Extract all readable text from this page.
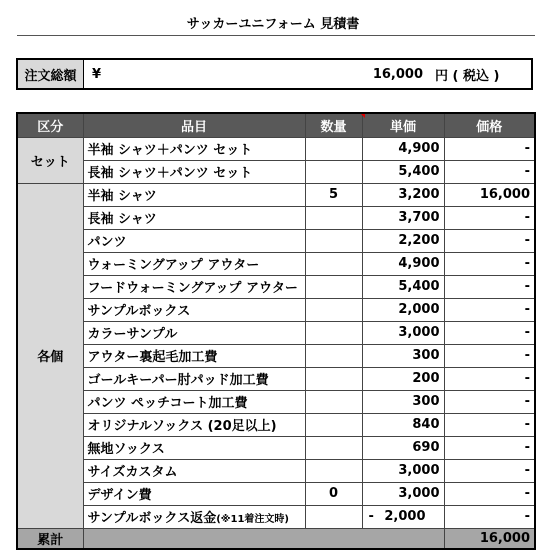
サッカーユニフォーム 見積書
注文総額	¥	16,000 円 ( 税込 )
区分	品目	数量	単価	価格
セット	半袖 シャツ＋パンツ セット		4,900	-
	長袖 シャツ＋パンツ セット		5,400	-
各個	半袖 シャツ	5	3,200	16,000
	長袖 シャツ		3,700	-
	パンツ		2,200	-
	ウォーミングアップ アウター		4,900	-
	フードウォーミングアップ アウター		5,400	-
	サンプルボックス		2,000	-
	カラーサンプル		3,000	-
	アウター裏起毛加工費		300	-
	ゴールキーパー肘パッド加工費		200	-
	パンツ ペッチコート加工費		300	-
	オリジナルソックス (20足以上)		840	-
	無地ソックス		690	-
	サイズカスタム		3,000	-
	デザイン費	0	3,000	-
	サンプルボックス返金(※11着注文時)		- 2,000	-
累計				16,000
